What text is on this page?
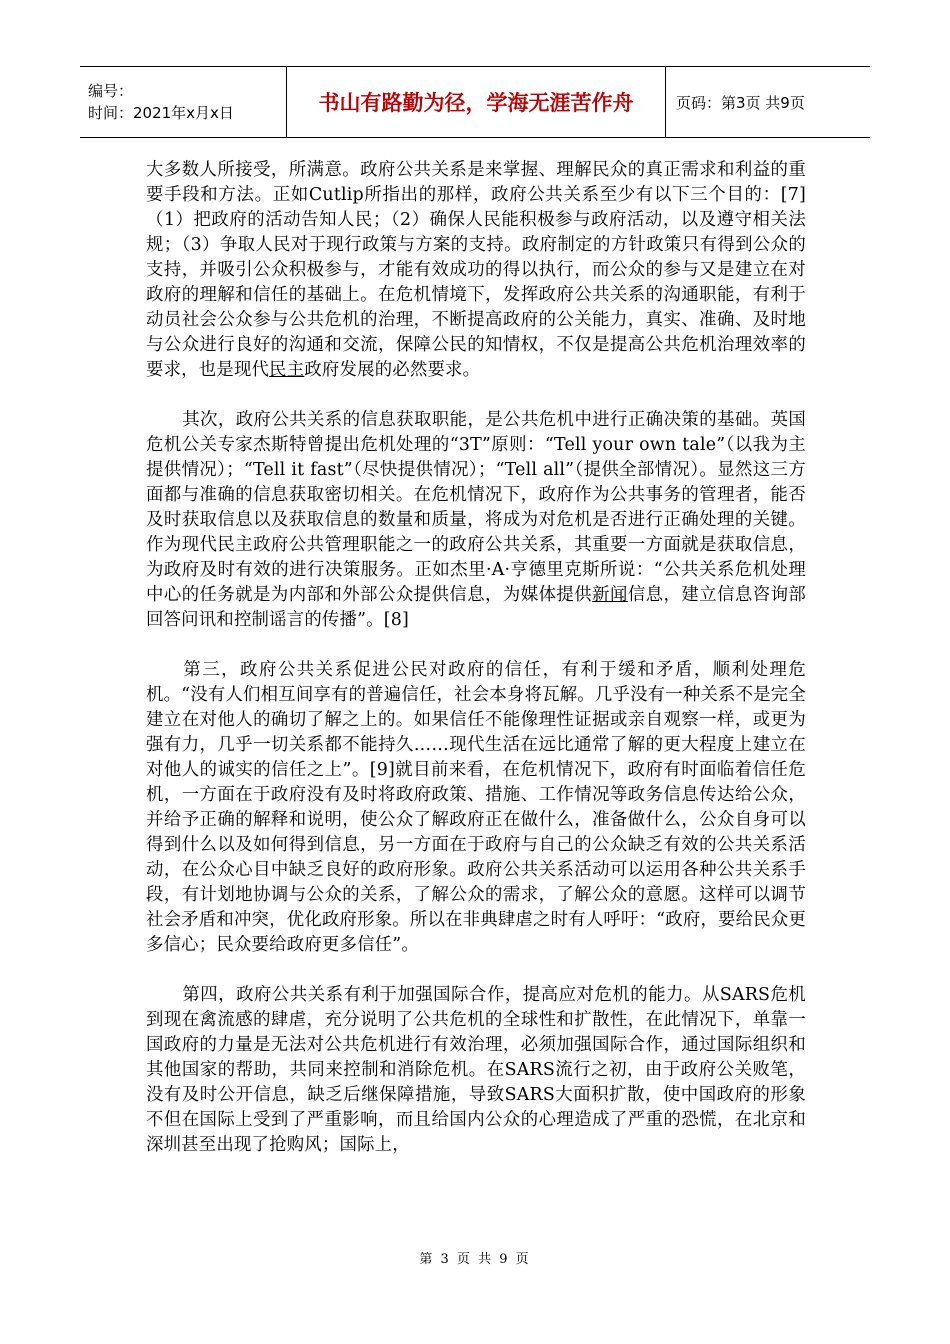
编号：
时间：2021年x月x日	书山有路勤为径，学海无涯苦作舟	页码：第3页 共9页

大多数人所接受，所满意。政府公共关系是来掌握、理解民众的真正需求和利益的重要手段和方法。正如Cutlip所指出的那样，政府公共关系至少有以下三个目的：[7]（1）把政府的活动告知人民；（2）确保人民能积极参与政府活动，以及遵守相关法规；（3）争取人民对于现行政策与方案的支持。政府制定的方针政策只有得到公众的支持，并吸引公众积极参与，才能有效成功的得以执行，而公众的参与又是建立在对政府的理解和信任的基础上。在危机情境下，发挥政府公共关系的沟通职能，有利于动员社会公众参与公共危机的治理，不断提高政府的公关能力，真实、准确、及时地与公众进行良好的沟通和交流，保障公民的知情权，不仅是提高公共危机治理效率的要求，也是现代民主政府发展的必然要求。

其次，政府公共关系的信息获取职能，是公共危机中进行正确决策的基础。英国危机公关专家杰斯特曾提出危机处理的“3T”原则：“Tell your own tale”（以我为主提供情况）；“Tell it fast”（尽快提供情况）；“Tell all”（提供全部情况）。显然这三方面都与准确的信息获取密切相关。在危机情况下，政府作为公共事务的管理者，能否及时获取信息以及获取信息的数量和质量，将成为对危机是否进行正确处理的关键。作为现代民主政府公共管理职能之一的政府公共关系，其重要一方面就是获取信息，为政府及时有效的进行决策服务。正如杰里·A·亨德里克斯所说：“公共关系危机处理中心的任务就是为内部和外部公众提供信息，为媒体提供新闻信息，建立信息咨询部回答问讯和控制谣言的传播”。[8]

第三，政府公共关系促进公民对政府的信任，有利于缓和矛盾，顺利处理危机。“没有人们相互间享有的普遍信任，社会本身将瓦解。几乎没有一种关系不是完全建立在对他人的确切了解之上的。如果信任不能像理性证据或亲自观察一样，或更为强有力，几乎一切关系都不能持久……现代生活在远比通常了解的更大程度上建立在对他人的诚实的信任之上”。[9]就目前来看，在危机情况下，政府有时面临着信任危机，一方面在于政府没有及时将政府政策、措施、工作情况等政务信息传达给公众，并给予正确的解释和说明，使公众了解政府正在做什么，准备做什么，公众自身可以得到什么以及如何得到信息，另一方面在于政府与自己的公众缺乏有效的公共关系活动，在公众心目中缺乏良好的政府形象。政府公共关系活动可以运用各种公共关系手段，有计划地协调与公众的关系，了解公众的需求，了解公众的意愿。这样可以调节社会矛盾和冲突，优化政府形象。所以在非典肆虐之时有人呼吁：“政府，要给民众更多信心；民众要给政府更多信任”。

第四，政府公共关系有利于加强国际合作，提高应对危机的能力。从SARS危机到现在禽流感的肆虐，充分说明了公共危机的全球性和扩散性，在此情况下，单靠一国政府的力量是无法对公共危机进行有效治理，必须加强国际合作，通过国际组织和其他国家的帮助，共同来控制和消除危机。在SARS流行之初，由于政府公关败笔，没有及时公开信息，缺乏后继保障措施，导致SARS大面积扩散，使中国政府的形象不但在国际上受到了严重影响，而且给国内公众的心理造成了严重的恐慌，在北京和深圳甚至出现了抢购风；国际上，

第 3 页 共 9 页
